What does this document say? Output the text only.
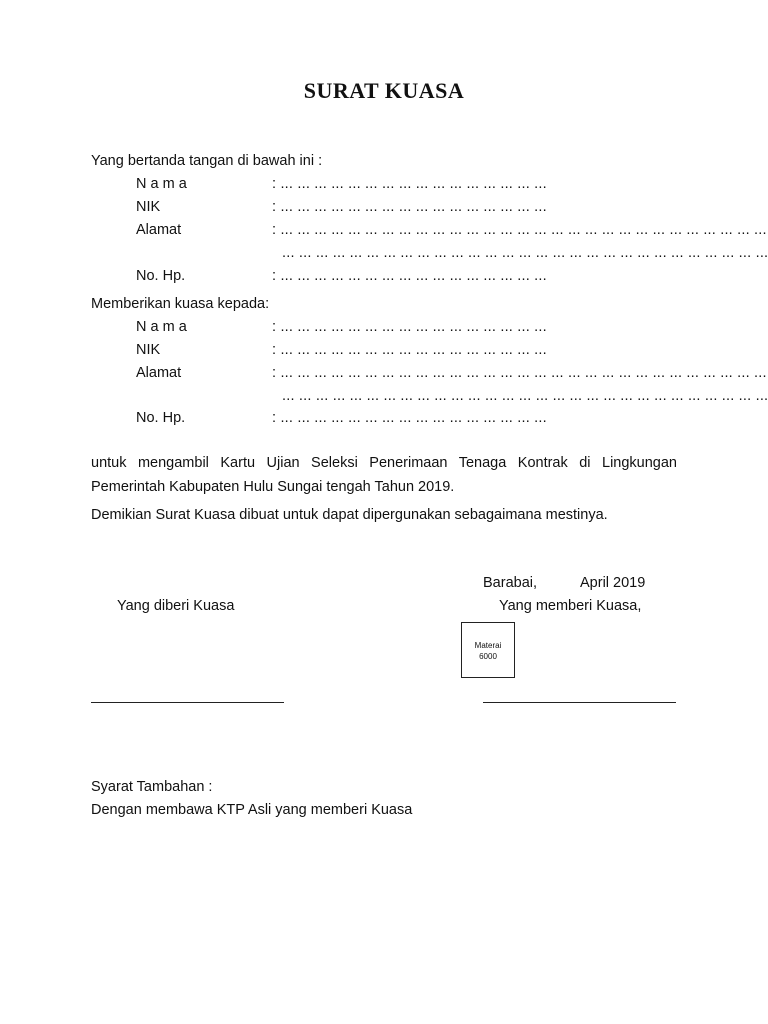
SURAT KUASA
Yang bertanda tangan di bawah ini :
N a m a	: ... ... ... ... ... ... ... ... ... ... ... ... ... ... ... ...
NIK	: ... ... ... ... ... ... ... ... ... ... ... ... ... ... ... ...
Alamat	: ... ... ... ... ... ... ... ... ... ... ... ... ... ... ... ... ... ... ... ... ... ... ... ... ... ... ... ... ...
... ... ... ... ... ... ... ... ... ... ... ... ... ... ... ... ... ... ... ... ... ... ... ... ... ... ... ... ...
No. Hp.	: ... ... ... ... ... ... ... ... ... ... ... ... ... ... ... ...
Memberikan kuasa kepada:
N a m a	: ... ... ... ... ... ... ... ... ... ... ... ... ... ... ... ...
NIK	: ... ... ... ... ... ... ... ... ... ... ... ... ... ... ... ...
Alamat	: ... ... ... ... ... ... ... ... ... ... ... ... ... ... ... ... ... ... ... ... ... ... ... ... ... ... ... ... ...
... ... ... ... ... ... ... ... ... ... ... ... ... ... ... ... ... ... ... ... ... ... ... ... ... ... ... ... ...
No. Hp.	: ... ... ... ... ... ... ... ... ... ... ... ... ... ... ... ...
untuk mengambil Kartu Ujian Seleksi Penerimaan Tenaga Kontrak di Lingkungan Pemerintah Kabupaten Hulu Sungai tengah Tahun 2019.
Demikian Surat Kuasa dibuat untuk dapat dipergunakan sebagaimana mestinya.
Barabai,	April 2019
Yang diberi Kuasa	Yang memberi Kuasa,
Materai
6000
Syarat Tambahan :
Dengan membawa KTP Asli yang memberi Kuasa
